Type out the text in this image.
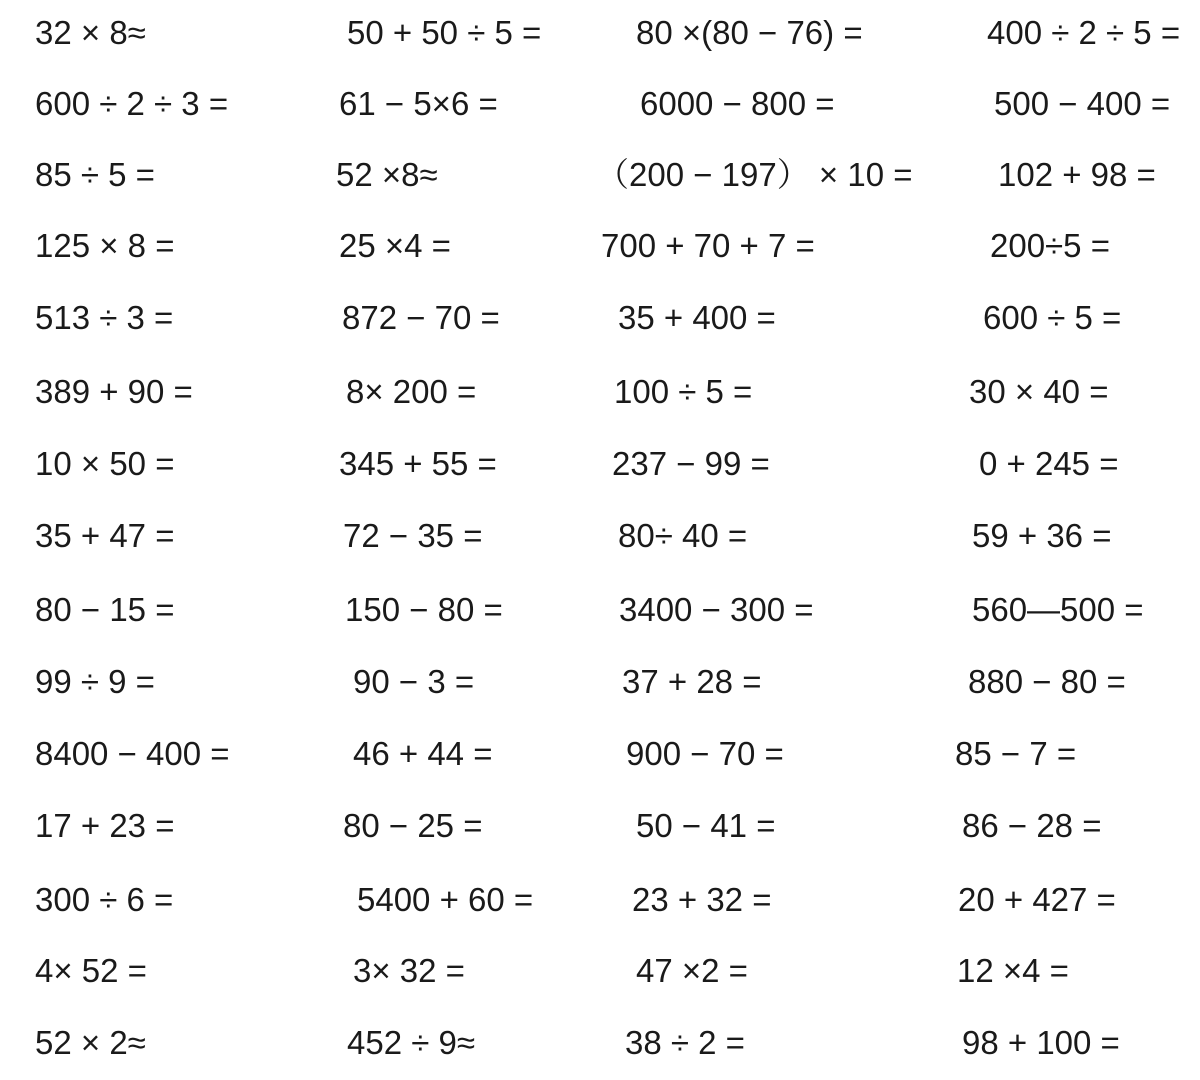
32 × 8≈	50 + 50 ÷ 5 =	80 ×(80 − 76) =	400 ÷ 2 ÷ 5 =
600 ÷ 2 ÷ 3 =	61 − 5×6 =	6000 − 800 =	500 − 400 =
85 ÷ 5 =	52 ×8≈	（200 − 197） × 10 =	102 + 98 =
125 × 8 =	25 ×4 =	700 + 70 + 7 =	200÷5 =
513 ÷ 3 =	872 − 70 =	35 + 400 =	600 ÷ 5 =
389 + 90 =	8× 200 =	100 ÷ 5 =	30 × 40 =
10 × 50 =	345 + 55 =	237 − 99 =	0 + 245 =
35 + 47 =	72 − 35 =	80÷ 40 =	59 + 36 =
80 − 15 =	150 − 80 =	3400 − 300 =	560—500 =
99 ÷ 9 =	90 − 3 =	37 + 28 =	880 − 80 =
8400 − 400 =	46 + 44 =	900 − 70 =	85 − 7 =
17 + 23 =	80 − 25 =	50 − 41 =	86 − 28 =
300 ÷ 6 =	5400 + 60 =	23 + 32 =	20 + 427 =
4× 52 =	3× 32 =	47 ×2 =	12 ×4 =
52 × 2≈	452 ÷ 9≈	38 ÷ 2 =	98 + 100 =
